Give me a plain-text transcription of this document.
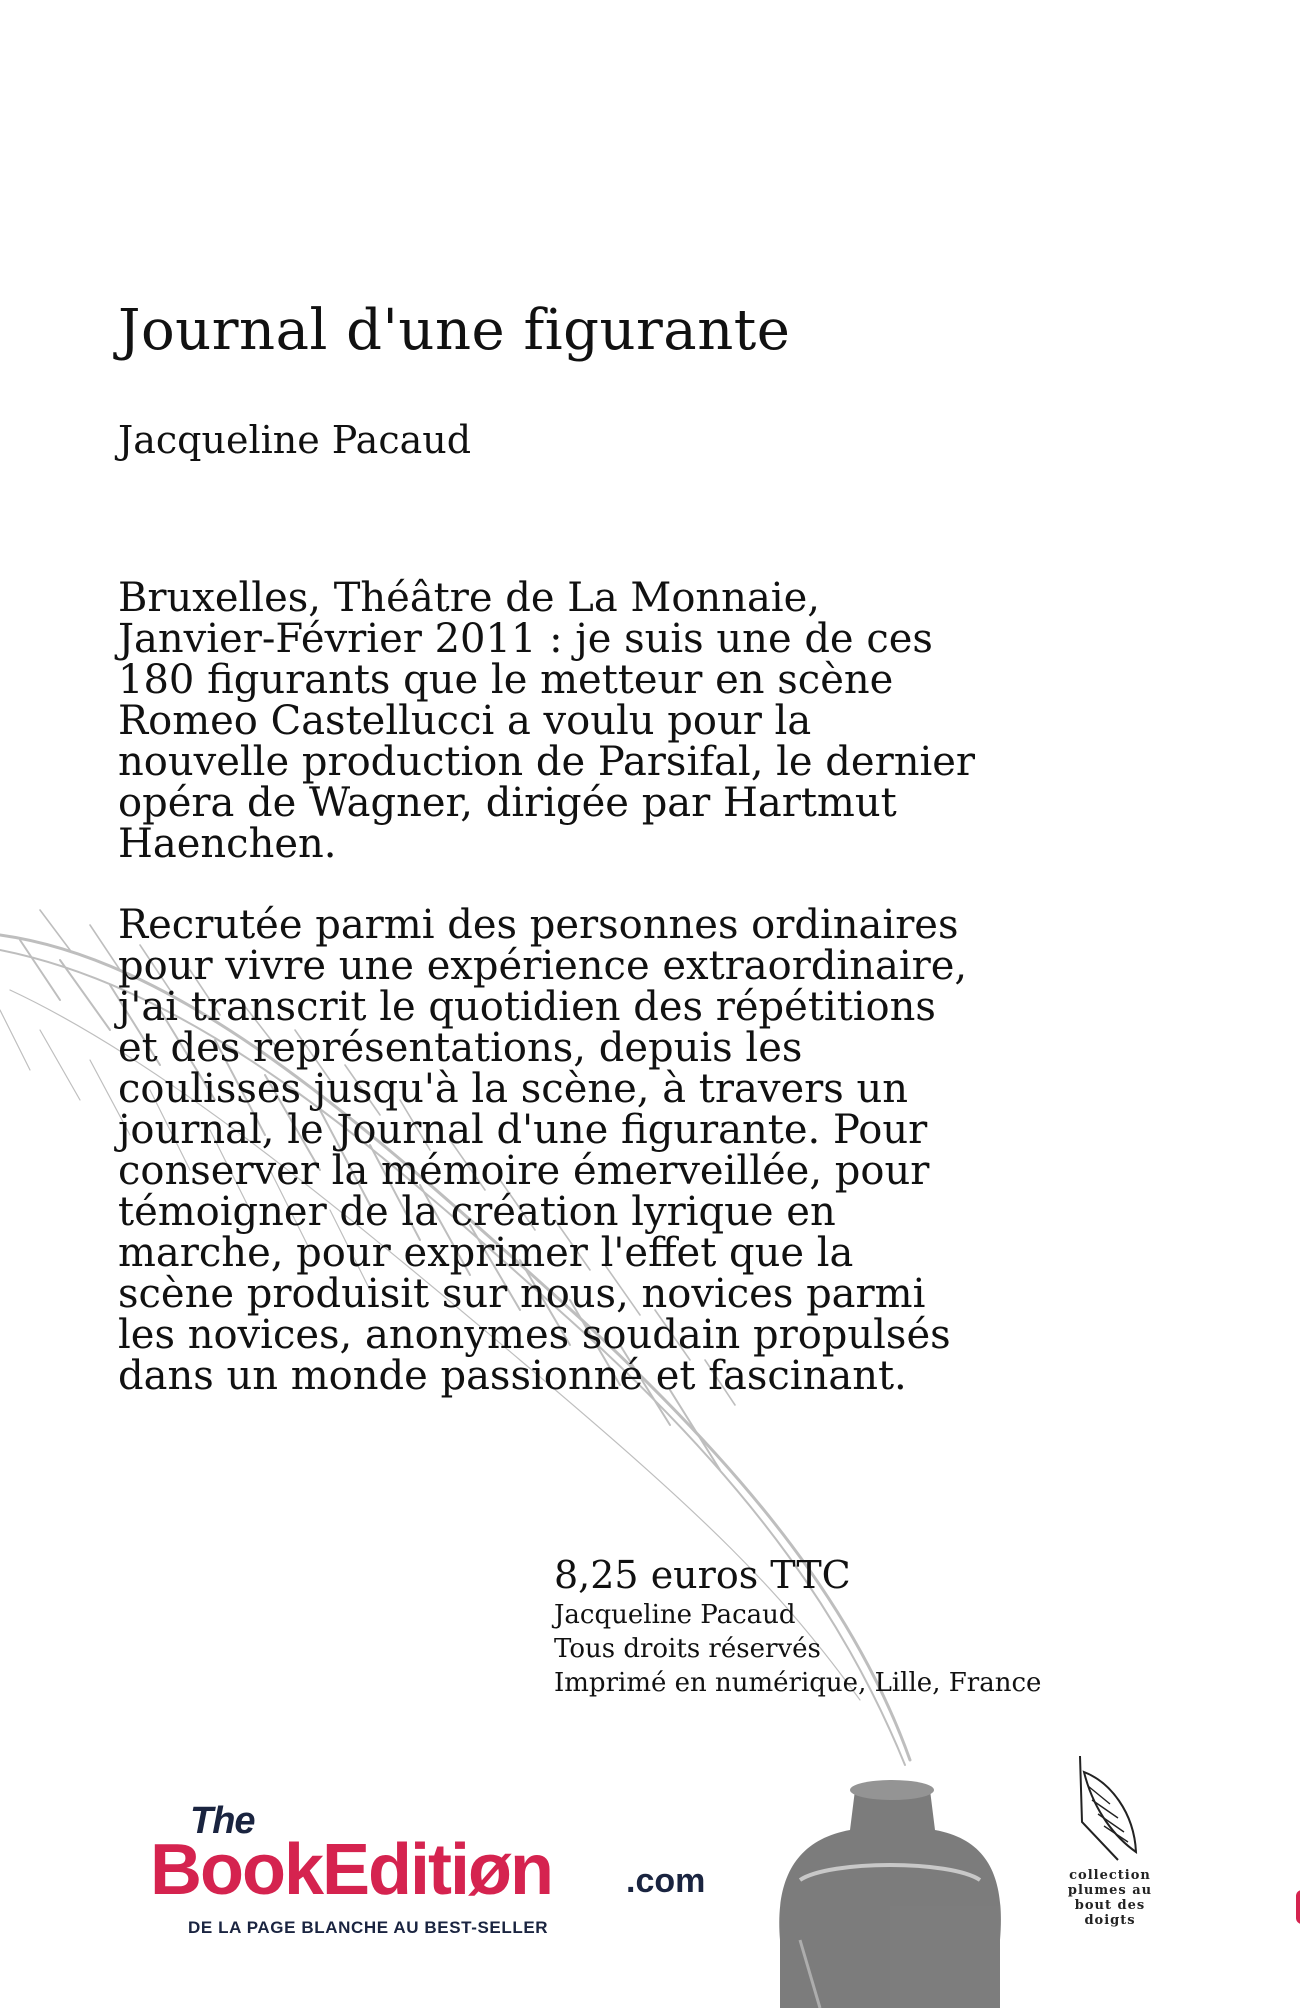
Journal d'une figurante
Jacqueline Pacaud

Bruxelles, Théâtre de La Monnaie, Janvier-Février 2011 : je suis une de ces 180 figurants que le metteur en scène Romeo Castellucci a voulu pour la nouvelle production de Parsifal, le dernier opéra de Wagner, dirigée par Hartmut Haenchen.

Recrutée parmi des personnes ordinaires pour vivre une expérience extraordinaire, j'ai transcrit le quotidien des répétitions et des représentations, depuis les coulisses jusqu'à la scène, à travers un journal, le Journal d'une figurante. Pour conserver la mémoire émerveillée, pour témoigner de la création lyrique en marche, pour exprimer l'effet que la scène produisit sur nous, novices parmi les novices, anonymes soudain propulsés dans un monde passionné et fascinant.

8,25 euros TTC
Jacqueline Pacaud
Tous droits réservés
Imprimé en numérique, Lille, France
The
BookEditiøn .com
DE LA PAGE BLANCHE AU BEST-SELLER
collection
plumes au
bout des
doigts
